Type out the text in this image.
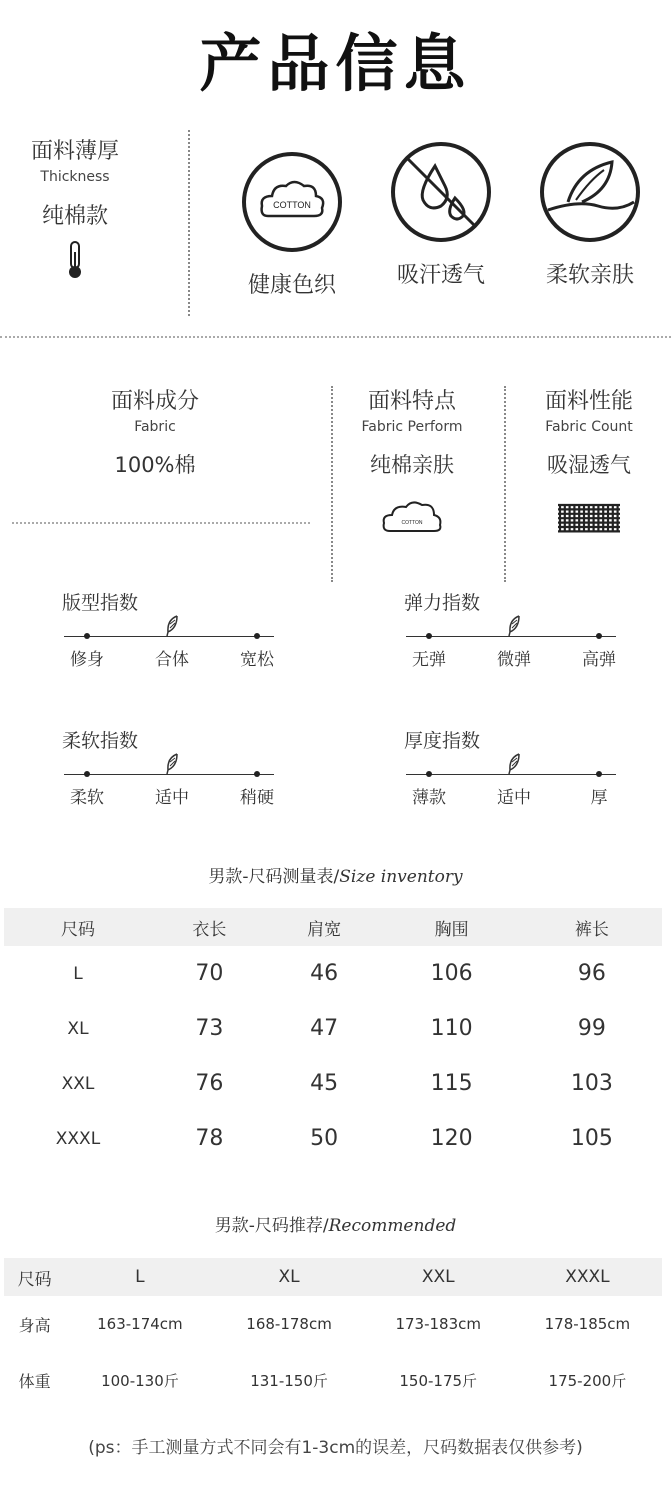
产品信息
面料薄厚
Thickness
纯棉款	COTTON
健康色织	吸汗透气	柔软亲肤
面料成分
Fabric
100%棉
面料特点
Fabric Perform
纯棉亲肤
COTTON
面料性能
Fabric Count
吸湿透气
版型指数
修身	合体	宽松
弹力指数
无弹	微弹	高弹
柔软指数
柔软	适中	稍硬
厚度指数
薄款	适中	厚
男款-尺码测量表/Size inventory
尺码	衣长	肩宽	胸围	裤长
L	70	46	106	96
XL	73	47	110	99
XXL	76	45	115	103
XXXL	78	50	120	105
男款-尺码推荐/Recommended
尺码	L	XL	XXL	XXXL
身高	163-174cm	168-178cm	173-183cm	178-185cm
体重	100-130斤	131-150斤	150-175斤	175-200斤
(ps：手工测量方式不同会有1-3cm的误差，尺码数据表仅供参考)
